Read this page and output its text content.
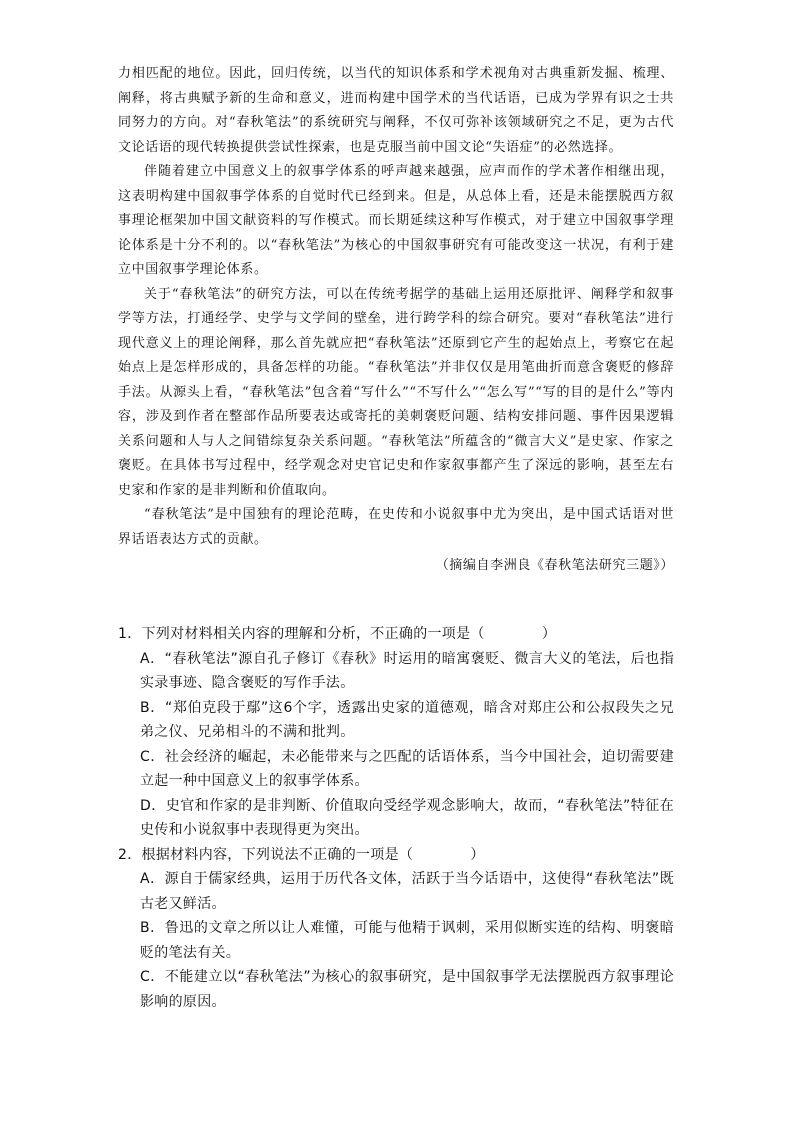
力相匹配的地位。因此，回归传统，以当代的知识体系和学术视角对古典重新发掘、梳理、阐释，将古典赋予新的生命和意义，进而构建中国学术的当代话语，已成为学界有识之士共同努力的方向。对“春秋笔法”的系统研究与阐释，不仅可弥补该领域研究之不足，更为古代文论话语的现代转换提供尝试性探索，也是克服当前中国文论“失语症”的必然选择。

伴随着建立中国意义上的叙事学体系的呼声越来越强，应声而作的学术著作相继出现，这表明构建中国叙事学体系的自觉时代已经到来。但是，从总体上看，还是未能摆脱西方叙事理论框架加中国文献资料的写作模式。而长期延续这种写作模式，对于建立中国叙事学理论体系是十分不利的。以“春秋笔法”为核心的中国叙事研究有可能改变这一状况，有利于建立中国叙事学理论体系。

关于“春秋笔法”的研究方法，可以在传统考据学的基础上运用还原批评、阐释学和叙事学等方法，打通经学、史学与文学间的壁垒，进行跨学科的综合研究。要对“春秋笔法”进行现代意义上的理论阐释，那么首先就应把“春秋笔法”还原到它产生的起始点上，考察它在起始点上是怎样形成的，具备怎样的功能。“春秋笔法”并非仅仅是用笔曲折而意含褒贬的修辞手法。从源头上看，“春秋笔法”包含着“写什么”“不写什么”“怎么写”“写的目的是什么”等内容，涉及到作者在整部作品所要表达或寄托的美刺褒贬问题、结构安排问题、事件因果逻辑关系问题和人与人之间错综复杂关系问题。“春秋笔法”所蕴含的“微言大义”是史家、作家之褒贬。在具体书写过程中，经学观念对史官记史和作家叙事都产生了深远的影响，甚至左右史家和作家的是非判断和价值取向。

“春秋笔法”是中国独有的理论范畴，在史传和小说叙事中尤为突出，是中国式话语对世界话语表达方式的贡献。

（摘编自李洲良《春秋笔法研究三题》）

1．下列对材料相关内容的理解和分析，不正确的一项是（　　　　）

A．“春秋笔法”源自孔子修订《春秋》时运用的暗寓褒贬、微言大义的笔法，后也指实录事迹、隐含褒贬的写作手法。

B．“郑伯克段于鄢”这6个字，透露出史家的道德观，暗含对郑庄公和公叔段失之兄弟之仪、兄弟相斗的不满和批判。

C．社会经济的崛起，未必能带来与之匹配的话语体系，当今中国社会，迫切需要建立起一种中国意义上的叙事学体系。

D．史官和作家的是非判断、价值取向受经学观念影响大，故而，“春秋笔法”特征在史传和小说叙事中表现得更为突出。

2．根据材料内容，下列说法不正确的一项是（　　　　）

A．源自于儒家经典，运用于历代各文体，活跃于当今话语中，这使得“春秋笔法”既古老又鲜活。

B．鲁迅的文章之所以让人难懂，可能与他精于讽刺，采用似断实连的结构、明褒暗贬的笔法有关。

C．不能建立以“春秋笔法”为核心的叙事研究，是中国叙事学无法摆脱西方叙事理论影响的原因。
